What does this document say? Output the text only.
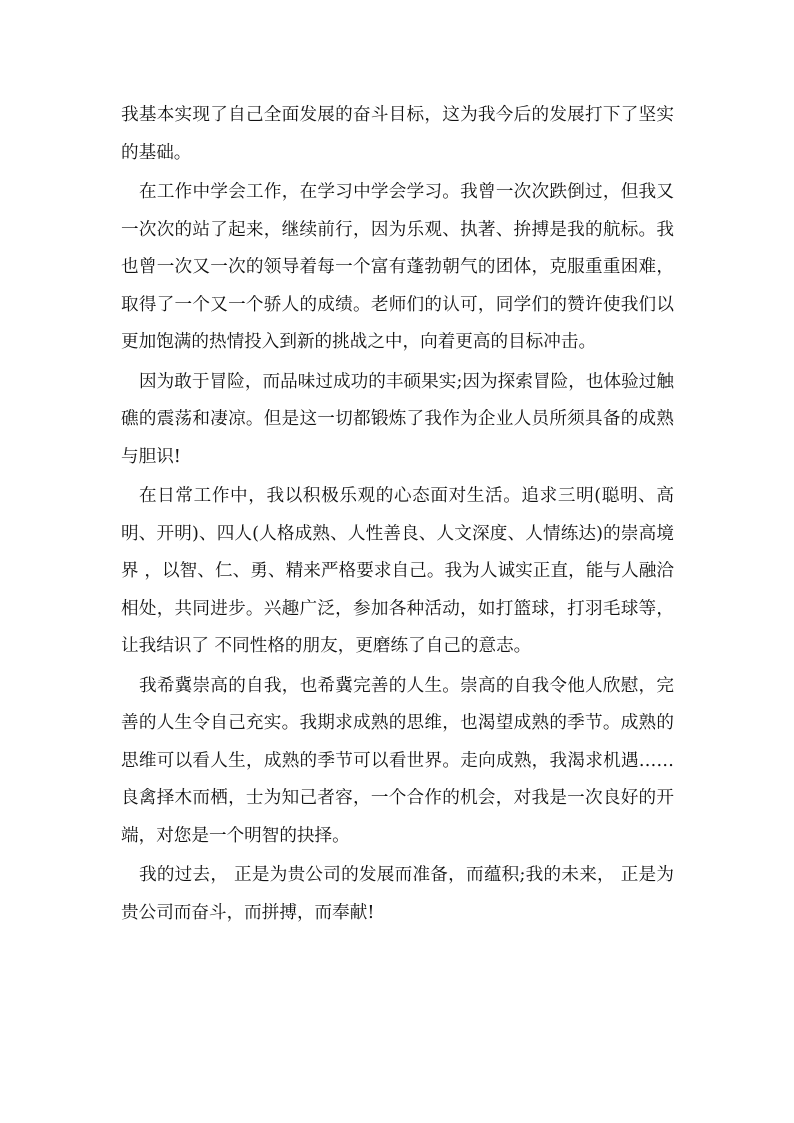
我基本实现了自己全面发展的奋斗目标，这为我今后的发展打下了坚实的基础。

在工作中学会工作，在学习中学会学习。我曾一次次跌倒过，但我又一次次的站了起来，继续前行，因为乐观、执著、拚搏是我的航标。我也曾一次又一次的领导着每一个富有蓬勃朝气的团体，克服重重困难，取得了一个又一个骄人的成绩。老师们的认可，同学们的赞许使我们以更加饱满的热情投入到新的挑战之中，向着更高的目标冲击。

因为敢于冒险，而品味过成功的丰硕果实;因为探索冒险，也体验过触礁的震荡和凄凉。但是这一切都锻炼了我作为企业人员所须具备的成熟与胆识!

在日常工作中，我以积极乐观的心态面对生活。追求三明(聪明、高明、开明)、四人(人格成熟、人性善良、人文深度、人情练达)的崇高境界 ，以智、仁、勇、精来严格要求自己。我为人诚实正直，能与人融洽相处，共同进步。兴趣广泛，参加各种活动，如打篮球，打羽毛球等，让我结识了 不同性格的朋友，更磨练了自己的意志。

我希冀崇高的自我，也希冀完善的人生。崇高的自我令他人欣慰，完善的人生令自己充实。我期求成熟的思维，也渴望成熟的季节。成熟的思维可以看人生，成熟的季节可以看世界。走向成熟，我渴求机遇……良禽择木而栖，士为知己者容，一个合作的机会，对我是一次良好的开端，对您是一个明智的抉择。

我的过去， 正是为贵公司的发展而准备，而蕴积;我的未来， 正是为贵公司而奋斗，而拼搏，而奉献!
